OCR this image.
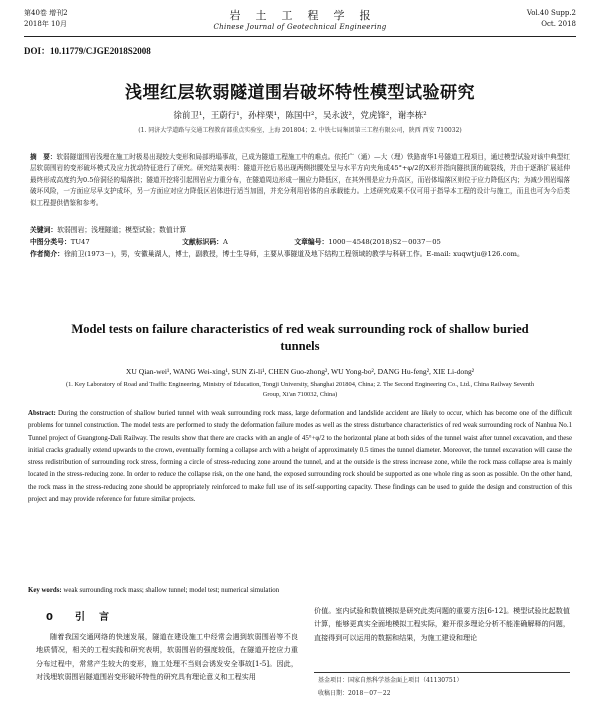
第40卷 增刊2
2018年 10月
岩土工程学报
Chinese Journal of Geotechnical Engineering
Vol.40 Supp.2
Oct. 2018
DOI：10.11779/CJGE2018S2008
浅埋红层软弱隧道围岩破坏特性模型试验研究
徐前卫¹，王蔚行¹，孙梓栗¹，陈国中²，吴永波²，党虎锋²，谢李栋²
(1. 同济大学道路与交通工程教育部重点实验室，上海 201804；2. 中铁七局集团第三工程有限公司，陕西 西安 710032)
摘　要：软弱隧道围岩浅埋在施工时极易出现较大变形和局部坍塌事故，已成为隧道工程施工中的难点。依托广（通）—大（理）铁路南华1号隧道工程项目，通过模型试验对该中典型红层软弱围岩的变形破坏模式及应力扰动特征进行了研究。研究结果表明：隧道开挖后易出现两侧拱腰处呈与水平方向夹角成45°+φ/2的X形并指向隧拱顶的破裂线，并由于逐渐扩展延伸最终形成高度约为0.5倍洞径的塌落拱；隧道开挖将引起围岩应力重分布，在隧道周边形成一圈应力降低区，在其外围是应力升高区，而岩体塌落区则位于应力降低区内；为减少围岩塌落破坏风险，一方面应尽早支护成环，另一方面应对应力降低区岩体进行适当加固，并充分利用岩体的自承载能力。上述研究成果不仅可用于指导本工程的设计与施工，而且也可为今后类似工程提供借鉴和参考。
关键词：软弱围岩；浅埋隧道；模型试验；数值计算
中图分类号：TU47	文献标识码：A	文章编号：1000－4548(2018)S2－0037－05
作者简介：徐前卫(1973－)，男，安徽巢湖人，博士，副教授，博士生导师，主要从事隧道及地下结构工程领域的教学与科研工作。E-mail: xuqwtju@126.com。
Model tests on failure characteristics of red weak surrounding rock of shallow buried tunnels
XU Qian-wei¹, WANG Wei-xing¹, SUN Zi-li¹, CHEN Guo-zhong², WU Yong-bo², DANG Hu-feng², XIE Li-dong²
(1. Key Laboratory of Road and Traffic Engineering, Ministry of Education, Tongji University, Shanghai 201804, China; 2. The Second Engineering Co., Ltd., China Railway Seventh Group, Xi'an 710032, China)
Abstract: During the construction of shallow buried tunnel with weak surrounding rock mass, large deformation and landslide accident are likely to occur, which has become one of the difficult problems for tunnel construction. The model tests are performed to study the deformation failure modes as well as the stress disturbance characteristics of red weak surrounding rock of Nanhua No.1 Tunnel project of Guangtong-Dali Railway. The results show that there are cracks with an angle of 45°+φ/2 to the horizontal plane at both sides of the tunnel waist after tunnel excavation, and these initial cracks gradually extend upwards to the crown, eventually forming a collapse arch with a height of approximately 0.5 times the tunnel diameter. Moreover, the tunnel excavation will cause the stress redistribution of surrounding rock stress, forming a circle of stress-reducing zone around the tunnel, and at the outside is the stress increase zone, while the rock mass collapse area is mainly located in the stress-reducing zone. In order to reduce the collapse risk, on the one hand, the exposed surrounding rock should be supported as one whole ring as soon as possible. On the other hand, the rock mass in the stress-reducing zone should be appropriately reinforced to make full use of its self-supporting capacity. These findings can be used to guide the design and construction of this project and may provide reference for future similar projects.
Key words: weak surrounding rock mass; shallow tunnel; model test; numerical simulation
0 引言
随着我国交通网络的快速发展，隧道在建设施工中经常会遇到软弱围岩等不良地质情况，相关的工程实践和研究表明，软弱围岩的强度较低，在隧道开挖应力重分布过程中，常常产生较大的变形，施工处理不当则会诱发安全事故[1-5]。因此，对浅埋软弱围岩隧道围岩变形破坏特性的研究具有理论意义和工程实用
价值。室内试验和数值模拟是研究此类问题的重要方法[6-12]。模型试验比起数值计算，能够更真实全面地模拟工程实际，避开很多理论分析不能准确解释的问题，直接得到可以运用的数据和结果，为施工建设和理论
基金项目：国家自然科学基金面上项目（41130751）
收稿日期：2018－07－22
